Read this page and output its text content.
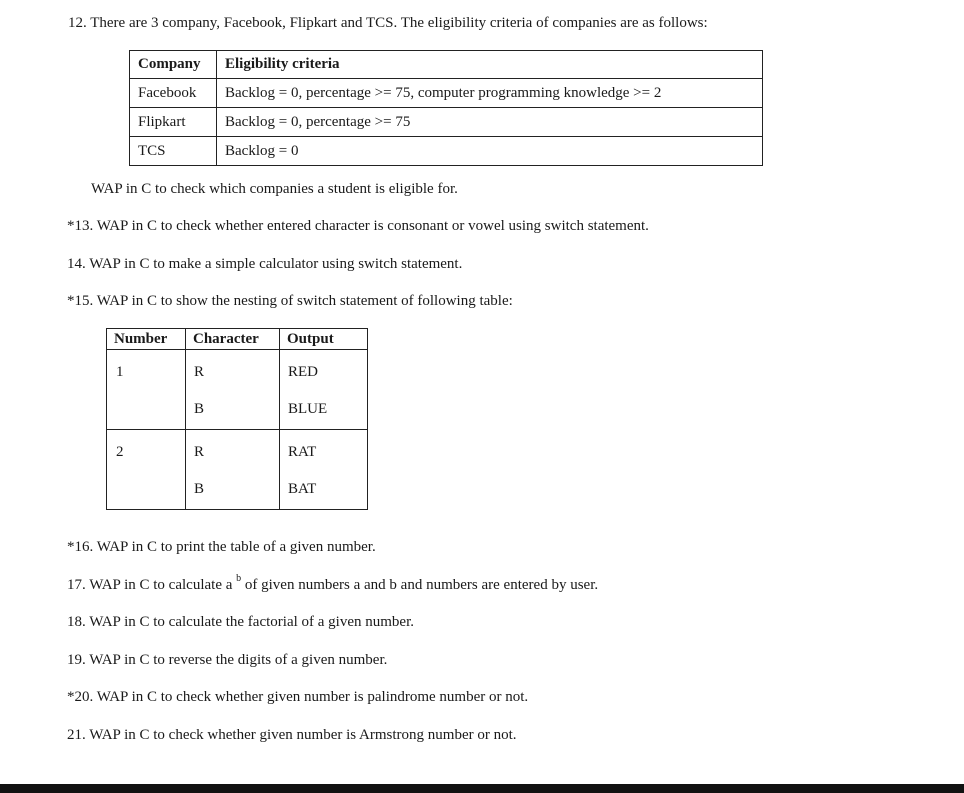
12. There are 3 company, Facebook, Flipkart and TCS. The eligibility criteria of companies are as follows:
Company	Eligibility criteria
Facebook	Backlog = 0, percentage >= 75, computer programming knowledge >= 2
Flipkart	Backlog = 0, percentage >= 75
TCS	Backlog = 0
WAP in C to check which companies a student is eligible for.
*13. WAP in C to check whether entered character is consonant or vowel using switch statement.
14. WAP in C to make a simple calculator using switch statement.
*15. WAP in C to show the nesting of switch statement of following table:
Number	Character	Output
1	R	RED
	B	BLUE
2	R	RAT
	B	BAT
*16. WAP in C to print the table of a given number.
17. WAP in C to calculate a $^b$ of given numbers a and b and numbers are entered by user.
18. WAP in C to calculate the factorial of a given number.
19. WAP in C to reverse the digits of a given number.
*20. WAP in C to check whether given number is palindrome number or not.
21. WAP in C to check whether given number is Armstrong number or not.
